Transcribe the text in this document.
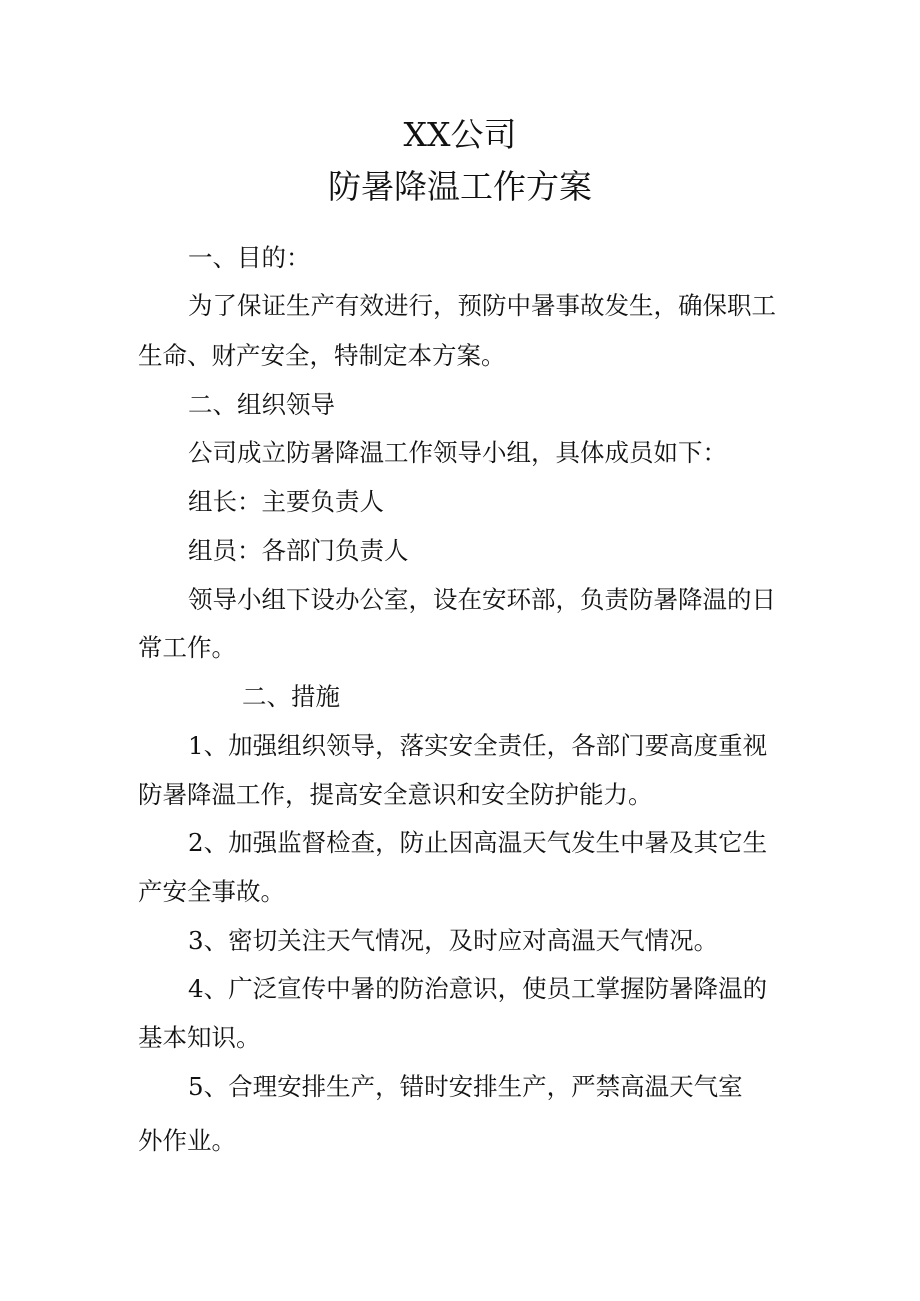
XX公司
防暑降温工作方案
一、目的：
为了保证生产有效进行，预防中暑事故发生，确保职工
生命、财产安全，特制定本方案。
二、组织领导
公司成立防暑降温工作领导小组，具体成员如下：
组长：主要负责人
组员：各部门负责人
领导小组下设办公室，设在安环部，负责防暑降温的日
常工作。
二、措施
1、加强组织领导，落实安全责任，各部门要高度重视
防暑降温工作，提高安全意识和安全防护能力。
2、加强监督检查，防止因高温天气发生中暑及其它生
产安全事故。
3、密切关注天气情况，及时应对高温天气情况。
4、广泛宣传中暑的防治意识，使员工掌握防暑降温的
基本知识。
5、合理安排生产，错时安排生产，严禁高温天气室
外作业。
